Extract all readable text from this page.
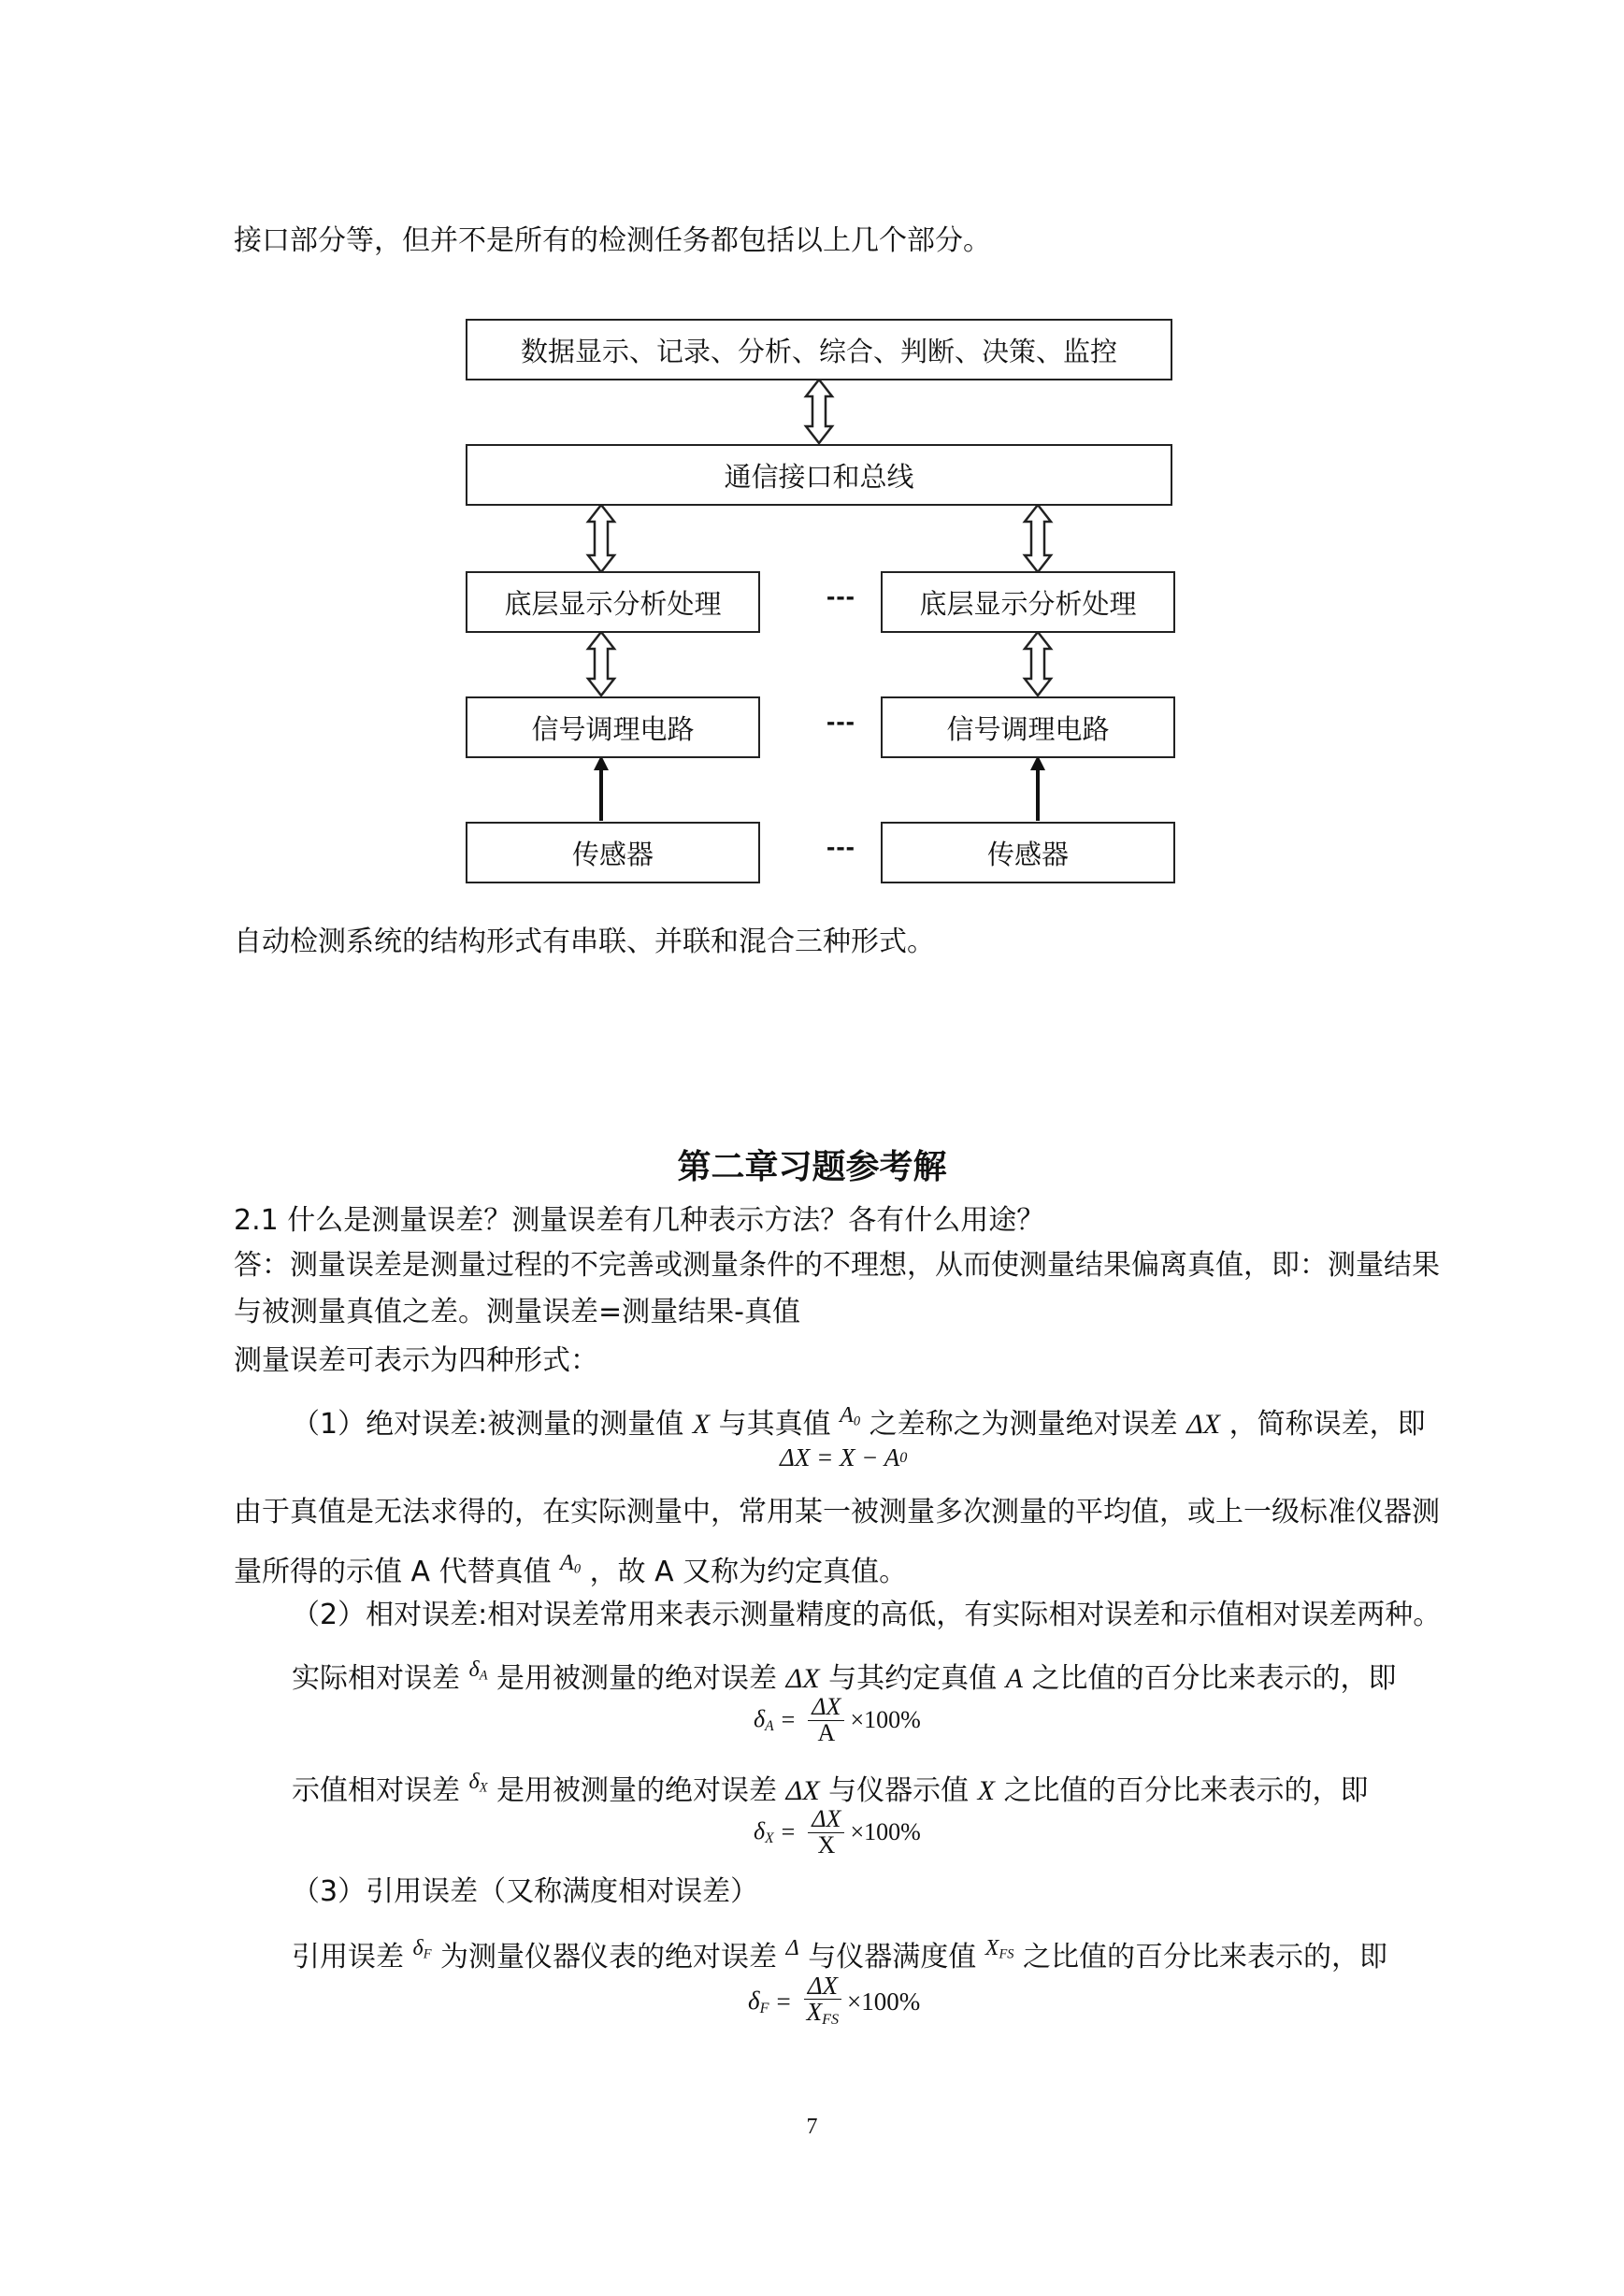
接口部分等，但并不是所有的检测任务都包括以上几个部分。
数据显示、记录、分析、综合、判断、决策、监控
通信接口和总线
底层显示分析处理	---	底层显示分析处理
信号调理电路	---	信号调理电路
传感器	---	传感器
自动检测系统的结构形式有串联、并联和混合三种形式。
第二章习题参考解
2.1 什么是测量误差？测量误差有几种表示方法？各有什么用途？
答：测量误差是测量过程的不完善或测量条件的不理想，从而使测量结果偏离真值，即：测量结果
与被测量真值之差。测量误差=测量结果-真值
测量误差可表示为四种形式：
（1）绝对误差:被测量的测量值 X 与其真值 $^{A_0}$ 之差称之为测量绝对误差 ΔX ，简称误差，即
ΔX = X − A 0
由于真值是无法求得的，在实际测量中，常用某一被测量多次测量的平均值，或上一级标准仪器测
量所得的示值 A 代替真值 $^{A_0}$ ，故 A 又称为约定真值。
（2）相对误差:相对误差常用来表示测量精度的高低，有实际相对误差和示值相对误差两种。
实际相对误差 $^{\delta_A}$ 是用被测量的绝对误差 ΔX 与其约定真值 A 之比值的百分比来表示的，即
$\delta_A = \frac{\Delta X}{A} \times 100\%$
示值相对误差 $^{\delta_X}$ 是用被测量的绝对误差 ΔX 与仪器示值 X 之比值的百分比来表示的，即
$\delta_X = \frac{\Delta X}{X} \times 100\%$
（3）引用误差（又称满度相对误差）
引用误差 $^{\delta_F}$ 为测量仪器仪表的绝对误差 $^\Delta$ 与仪器满度值 $^{X_{FS}}$ 之比值的百分比来表示的，即
$\delta_F = \frac{\Delta X}{X_{FS}} \times 100\%$
7
